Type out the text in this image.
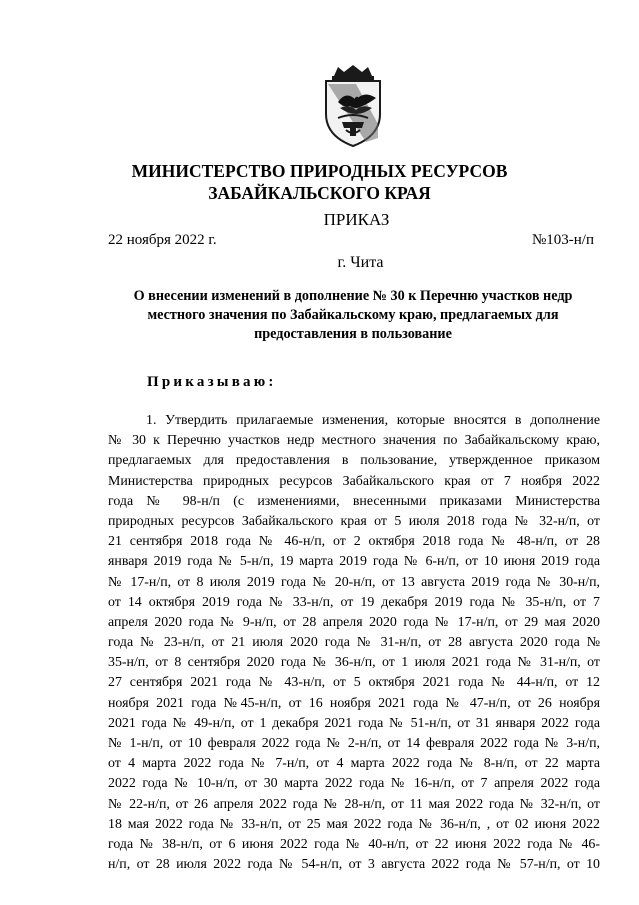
МИНИСТЕРСТВО ПРИРОДНЫХ РЕСУРСОВ
ЗАБАЙКАЛЬСКОГО КРАЯ
ПРИКАЗ
22 ноября 2022 г.	№103-н/п
г. Чита
О внесении изменений в дополнение № 30 к Перечню участков недр
местного значения по Забайкальскому краю, предлагаемых для
предоставления в пользование
Приказываю:
1. Утвердить прилагаемые изменения, которые вносятся в дополнение
№ 30 к Перечню участков недр местного значения по Забайкальскому краю,
предлагаемых для предоставления в пользование, утвержденное приказом
Министерства природных ресурсов Забайкальского края от 7 ноября 2022
года № 98-н/п (с изменениями, внесенными приказами Министерства
природных ресурсов Забайкальского края от 5 июля 2018 года № 32-н/п, от
21 сентября 2018 года № 46-н/п, от 2 октября 2018 года № 48-н/п, от 28
января 2019 года № 5-н/п, 19 марта 2019 года № 6-н/п, от 10 июня 2019 года
№ 17-н/п, от 8 июля 2019 года № 20-н/п, от 13 августа 2019 года № 30-н/п,
от 14 октября 2019 года № 33-н/п, от 19 декабря 2019 года № 35-н/п, от 7
апреля 2020 года № 9-н/п, от 28 апреля 2020 года № 17-н/п, от 29 мая 2020
года № 23-н/п, от 21 июля 2020 года № 31-н/п, от 28 августа 2020 года №
35-н/п, от 8 сентября 2020 года № 36-н/п, от 1 июля 2021 года № 31-н/п, от
27 сентября 2021 года № 43-н/п, от 5 октября 2021 года № 44-н/п, от 12
ноября 2021 года №45-н/п, от 16 ноября 2021 года № 47-н/п, от 26 ноября
2021 года № 49-н/п, от 1 декабря 2021 года № 51-н/п, от 31 января 2022 года
№ 1-н/п, от 10 февраля 2022 года № 2-н/п, от 14 февраля 2022 года № 3-н/п,
от 4 марта 2022 года № 7-н/п, от 4 марта 2022 года № 8-н/п, от 22 марта
2022 года № 10-н/п, от 30 марта 2022 года № 16-н/п, от 7 апреля 2022 года
№ 22-н/п, от 26 апреля 2022 года № 28-н/п, от 11 мая 2022 года № 32-н/п, от
18 мая 2022 года № 33-н/п, от 25 мая 2022 года № 36-н/п, , от 02 июня 2022
года № 38-н/п, от 6 июня 2022 года № 40-н/п, от 22 июня 2022 года № 46-
н/п, от 28 июля 2022 года № 54-н/п, от 3 августа 2022 года № 57-н/п, от 10
